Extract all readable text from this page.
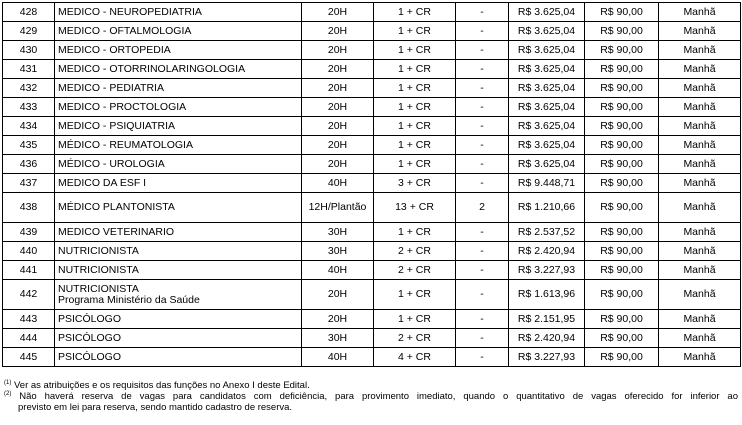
428	MEDICO - NEUROPEDIATRIA	20H	1 + CR	-	R$ 3.625,04	R$ 90,00	Manhã
429	MEDICO - OFTALMOLOGIA	20H	1 + CR	-	R$ 3.625,04	R$ 90,00	Manhã
430	MEDICO - ORTOPEDIA	20H	1 + CR	-	R$ 3.625,04	R$ 90,00	Manhã
431	MEDICO - OTORRINOLARINGOLOGIA	20H	1 + CR	-	R$ 3.625,04	R$ 90,00	Manhã
432	MEDICO - PEDIATRIA	20H	1 + CR	-	R$ 3.625,04	R$ 90,00	Manhã
433	MEDICO - PROCTOLOGIA	20H	1 + CR	-	R$ 3.625,04	R$ 90,00	Manhã
434	MEDICO - PSIQUIATRIA	20H	1 + CR	-	R$ 3.625,04	R$ 90,00	Manhã
435	MÉDICO - REUMATOLOGIA	20H	1 + CR	-	R$ 3.625,04	R$ 90,00	Manhã
436	MÉDICO - UROLOGIA	20H	1 + CR	-	R$ 3.625,04	R$ 90,00	Manhã
437	MEDICO DA ESF I	40H	3 + CR	-	R$ 9.448,71	R$ 90,00	Manhã
438	MÉDICO PLANTONISTA	12H/Plantão	13 + CR	2	R$ 1.210,66	R$ 90,00	Manhã
439	MEDICO VETERINARIO	30H	1 + CR	-	R$ 2.537,52	R$ 90,00	Manhã
440	NUTRICIONISTA	30H	2 + CR	-	R$ 2.420,94	R$ 90,00	Manhã
441	NUTRICIONISTA	40H	2 + CR	-	R$ 3.227,93	R$ 90,00	Manhã
442	NUTRICIONISTA
Programa Ministério da Saúde	20H	1 + CR	-	R$ 1.613,96	R$ 90,00	Manhã
443	PSICÓLOGO	20H	1 + CR	-	R$ 2.151,95	R$ 90,00	Manhã
444	PSICÓLOGO	30H	2 + CR	-	R$ 2.420,94	R$ 90,00	Manhã
445	PSICÓLOGO	40H	4 + CR	-	R$ 3.227,93	R$ 90,00	Manhã
$^{(1)}$ Ver as atribuições e os requisitos das funções no Anexo I deste Edital.
$^{(2)}$ Não haverá reserva de vagas para candidatos com deficiência, para provimento imediato, quando o quantitativo de vagas oferecido for inferior ao
previsto em lei para reserva, sendo mantido cadastro de reserva.
